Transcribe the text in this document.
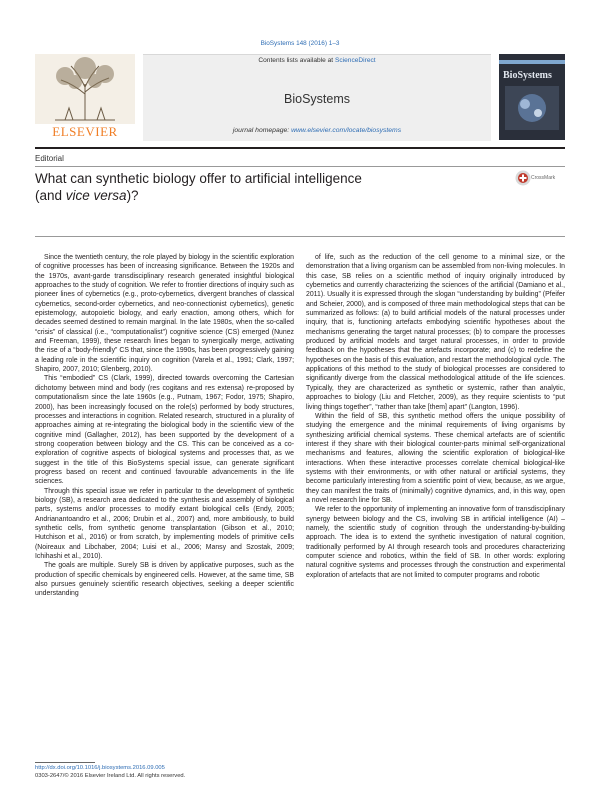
BioSystems 148 (2016) 1–3
ELSEVIER
Contents lists available at ScienceDirect
BioSystems
journal homepage: www.elsevier.com/locate/biosystems
BioSystems
Editorial
What can synthetic biology offer to artificial intelligence
(and vice versa)?
CrossMark

Since the twentieth century, the role played by biology in the scientific exploration of cognitive processes has been of increasing significance. Between the 1920s and the 1970s, avant-garde transdisciplinary research generated insightful biological approaches to the study of cognition. We refer to frontier directions of inquiry such as pioneer lines of cybernetics (e.g., proto-cybernetics, divergent branches of classical cybernetics, second-order cybernetics, and neo-connectionist cybernetics), genetic epistemology, autopoietic biology, and early enaction, among others, which for decades seemed destined to remain marginal. In the late 1980s, when the so-called “crisis” of classical (i.e., “computationalist”) cognitive science (CS) emerged (Nunez and Freeman, 1999), these research lines began to synergically merge, activating the rise of a “body-friendly” CS that, since the 1990s, has been progressively gaining a leading role in the scientific inquiry on cognition (Varela et al., 1991; Clark, 1997; Shapiro, 2007, 2010; Glenberg, 2010).

This “embodied” CS (Clark, 1999), directed towards overcoming the Cartesian dichotomy between mind and body (res cogitans and res extensa) re-proposed by computationalism since the late 1960s (e.g., Putnam, 1967; Fodor, 1975; Shapiro, 2000), has been increasingly focused on the role(s) performed by body structures, processes and interactions in cognition. Related research, structured in a plurality of approaches aiming at re-integrating the biological body in the scientific view of the cognitive mind (Gallagher, 2012), has been supported by the development of a strong cooperation between biology and the CS. This can be conceived as a co-exploration of cognitive aspects of biological systems and processes that, as we suggest in the title of this BioSystems special issue, can generate significant progress based on recent and continued favourable advancements in the life sciences.

Through this special issue we refer in particular to the development of synthetic biology (SB), a research area dedicated to the synthesis and assembly of biological parts, systems and/or processes to modify extant biological cells (Endy, 2005; Andrianantoandro et al., 2006; Drubin et al., 2007) and, more ambitiously, to build synthetic cells, from synthetic genome transplantation (Gibson et al., 2010; Hutchison et al., 2016) or from scratch, by implementing models of primitive cells (Noireaux and Libchaber, 2004; Luisi et al., 2006; Mansy and Szostak, 2009; Ichihashi et al., 2010).

The goals are multiple. Surely SB is driven by applicative purposes, such as the production of specific chemicals by engineered cells. However, at the same time, SB also pursues genuinely scientific research objectives, seeking a deeper scientific understanding

of life, such as the reduction of the cell genome to a minimal size, or the demonstration that a living organism can be assembled from non-living molecules. In this case, SB relies on a scientific method of inquiry originally introduced by cybernetics and currently characterizing the sciences of the artificial (Damiano et al., 2011). Usually it is expressed through the slogan “understanding by building” (Pfeifer and Scheier, 2000), and is composed of three main methodological steps that can be summarized as follows: (a) to build artificial models of the natural processes under inquiry, that is, functioning artefacts embodying scientific hypotheses about the mechanisms generating the target natural processes; (b) to compare the processes produced by artificial models and target natural processes, in order to provide feedback on the hypotheses that the artefacts incorporate; and (c) to redefine the hypotheses on the basis of this evaluation, and restart the methodological cycle. The applications of this method to the study of biological processes are considered to significantly diverge from the classical methodological attitude of the life sciences. Typically, they are characterized as synthetic or systemic, rather than analytic, approaches to biology (Liu and Fletcher, 2009), as they require scientists to “put living things together”, “rather than take [them] apart” (Langton, 1996).

Within the field of SB, this synthetic method offers the unique possibility of studying the emergence and the minimal requirements of living organisms by synthesizing artificial chemical systems. These chemical artefacts are of scientific interest if they share with their biological counter-parts minimal self-organizational mechanisms and features, allowing the scientific exploration of biological-like interactions. When these interactive processes correlate chemical biological-like systems with their environments, or with other natural or artificial systems, they become particularly interesting from a scientific point of view, because, as we argue, they can manifest the traits of (minimally) cognitive dynamics, and, in this way, open a novel research line for SB.

We refer to the opportunity of implementing an innovative form of transdisciplinary synergy between biology and the CS, involving SB in artificial intelligence (AI) – namely, the scientific study of cognition through the understanding-by-building approach. The idea is to extend the synthetic investigation of natural cognition, traditionally performed by AI through research tools and procedures characterizing computer science and robotics, within the field of SB. In other words: exploring natural cognitive systems and processes through the construction and experimental exploration of artefacts that are not limited to computer programs and robotic

http://dx.doi.org/10.1016/j.biosystems.2016.09.005
0303-2647/© 2016 Elsevier Ireland Ltd. All rights reserved.
